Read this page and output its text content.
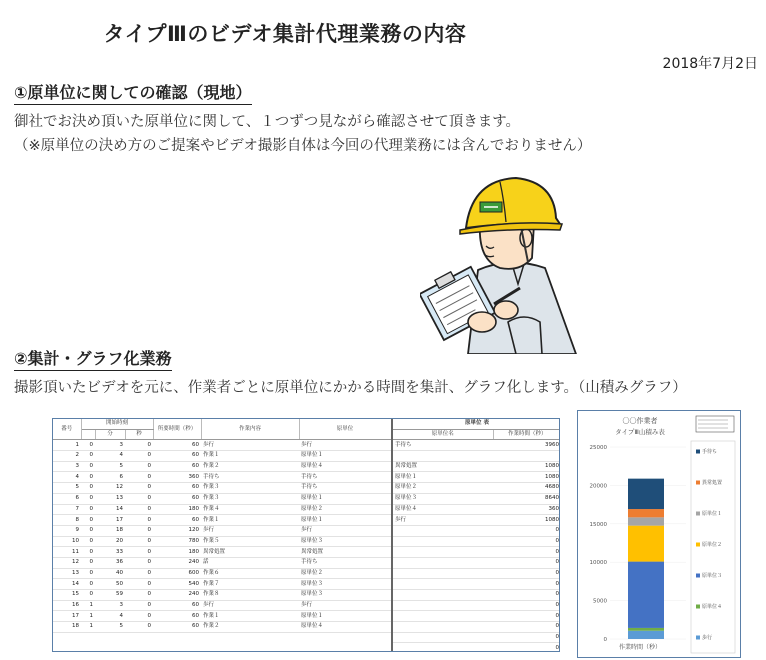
タイプⅢのビデオ集計代理業務の内容
2018年7月2日
①原単位に関しての確認（現地）
御社でお決め頂いた原単位に関して、１つずつ見ながら確認させて頂きます。
（※原単位の決め方のご提案やビデオ撮影自体は今回の代理業務には含んでおりません）
②集計・グラフ化業務
撮影頂いたビデオを元に、作業者ごとに原単位にかかる時間を集計、グラフ化します。（山積みグラフ）
番号	開始時刻			所要時間（秒）	作業内容	原単位
		分	秒			
1	0	3	0	60	歩行	歩行
2	0	4	0	60	作業１	原単位１
3	0	5	0	60	作業２	原単位４
4	0	6	0	360	手待ち	手待ち
5	0	12	0	60	作業３	手待ち
6	0	13	0	60	作業３	原単位１
7	0	14	0	180	作業４	原単位２
8	0	17	0	60	作業１	原単位１
9	0	18	0	120	歩行	歩行
10	0	20	0	780	作業５	原単位３
11	0	33	0	180	異常処置	異常処置
12	0	36	0	240	話	手待ち
13	0	40	0	600	作業６	原単位２
14	0	50	0	540	作業７	原単位３
15	0	59	0	240	作業８	原単位３
16	1	3	0	60	歩行	歩行
17	1	4	0	60	作業１	原単位１
18	1	5	0	60	作業２	原単位４
原単位 表	
原単位名	作業時間（秒）
手待ち	3960

異常処置	1080
原単位１	1080
原単位２	4680
原単位３	8640
原単位４	360
歩行	1080
	0
	0
	0
	0
	0
	0
	0
	0
	0
	0
	0
	0
〇〇作業者
タイプⅢ山積み表
0
5000
10000
15000
20000
25000
手待ち
異常処置
原単位１
原単位２
原単位３
原単位４
歩行
作業時間（秒）
